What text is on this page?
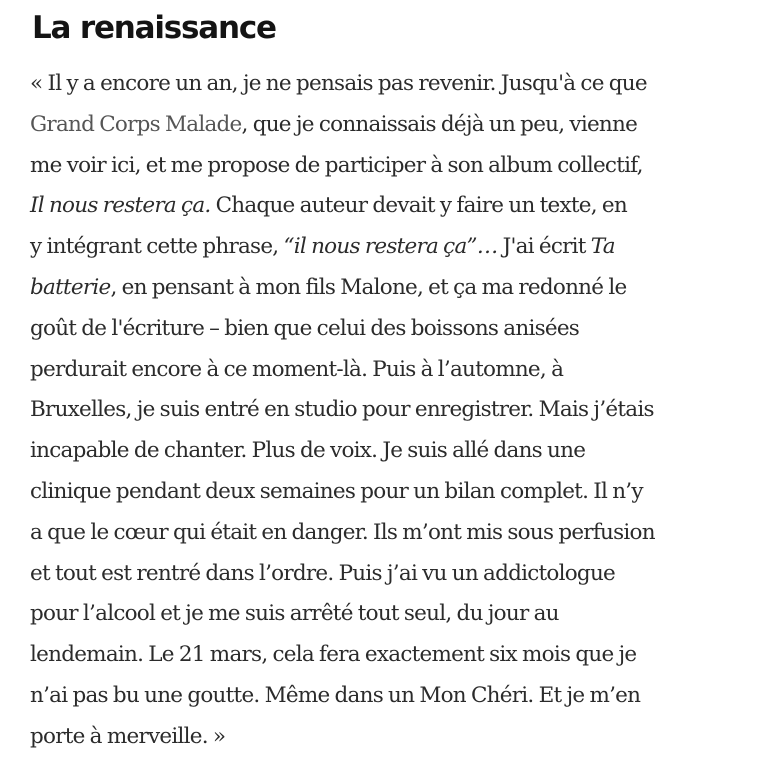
La renaissance

« Il y a encore un an, je ne pensais pas revenir. Jusqu'à ce que
Grand Corps Malade, que je connaissais déjà un peu, vienne
me voir ici, et me propose de participer à son album collectif,
Il nous restera ça. Chaque auteur devait y faire un texte, en
y intégrant cette phrase, “il nous restera ça”… J'ai écrit Ta
batterie, en pensant à mon fils Malone, et ça ma redonné le
goût de l'écriture – bien que celui des boissons anisées
perdurait encore à ce moment-là. Puis à l’automne, à
Bruxelles, je suis entré en studio pour enregistrer. Mais j’étais
incapable de chanter. Plus de voix. Je suis allé dans une
clinique pendant deux semaines pour un bilan complet. Il n’y
a que le cœur qui était en danger. Ils m’ont mis sous perfusion
et tout est rentré dans l’ordre. Puis j’ai vu un addictologue
pour l’alcool et je me suis arrêté tout seul, du jour au
lendemain. Le 21 mars, cela fera exactement six mois que je
n’ai pas bu une goutte. Même dans un Mon Chéri. Et je m’en
porte à merveille. »
